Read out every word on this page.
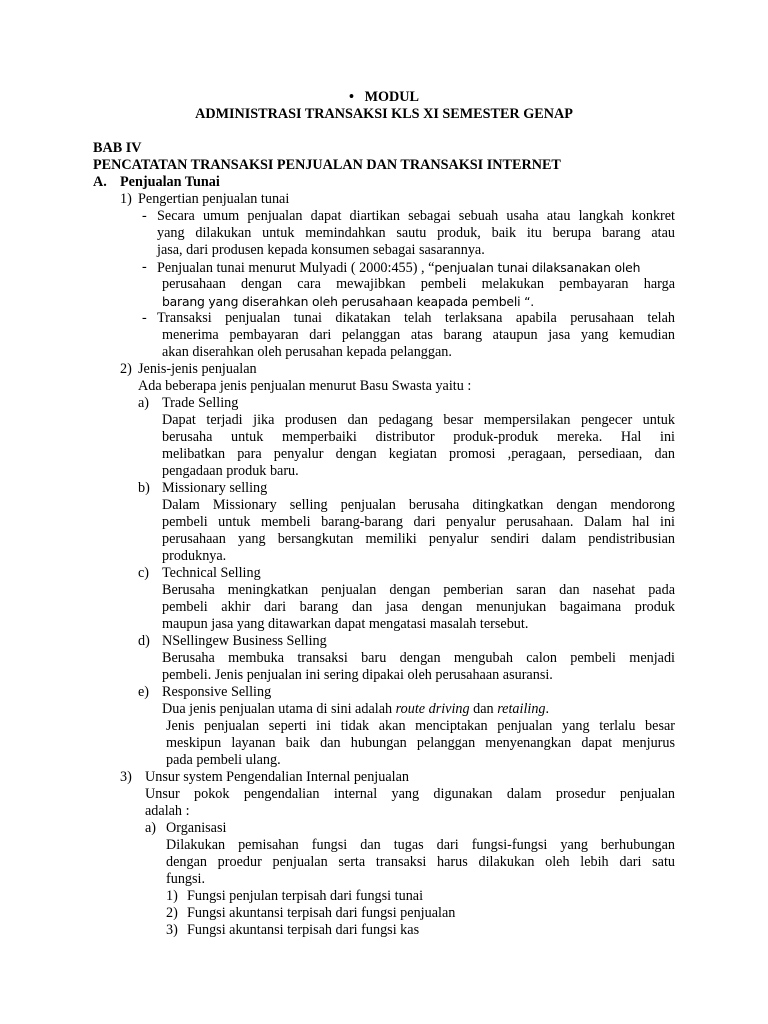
• MODUL
ADMINISTRASI TRANSAKSI KLS XI SEMESTER GENAP
BAB IV
PENCATATAN TRANSAKSI PENJUALAN DAN TRANSAKSI INTERNET
A. Penjualan Tunai
1) Pengertian penjualan tunai
- Secara umum penjualan dapat diartikan sebagai sebuah usaha atau langkah konkret
yang dilakukan untuk memindahkan sautu produk, baik itu berupa barang atau
jasa, dari produsen kepada konsumen sebagai sasarannya.
- Penjualan tunai menurut Mulyadi ( 2000:455) , “penjualan tunai dilaksanakan oleh
perusahaan dengan cara mewajibkan pembeli melakukan pembayaran harga
barang yang diserahkan oleh perusahaan keapada pembeli “.
- Transaksi penjualan tunai dikatakan telah terlaksana apabila perusahaan telah
menerima pembayaran dari pelanggan atas barang ataupun jasa yang kemudian
akan diserahkan oleh perusahan kepada pelanggan.
2) Jenis-jenis penjualan
Ada beberapa jenis penjualan menurut Basu Swasta yaitu :
a) Trade Selling
Dapat terjadi jika produsen dan pedagang besar mempersilakan pengecer untuk
berusaha untuk memperbaiki distributor produk-produk mereka. Hal ini
melibatkan para penyalur dengan kegiatan promosi ,peragaan, persediaan, dan
pengadaan produk baru.
b) Missionary selling
Dalam Missionary selling penjualan berusaha ditingkatkan dengan mendorong
pembeli untuk membeli barang-barang dari penyalur perusahaan. Dalam hal ini
perusahaan yang bersangkutan memiliki penyalur sendiri dalam pendistribusian
produknya.
c) Technical Selling
Berusaha meningkatkan penjualan dengan pemberian saran dan nasehat pada
pembeli akhir dari barang dan jasa dengan menunjukan bagaimana produk
maupun jasa yang ditawarkan dapat mengatasi masalah tersebut.
d) NSellingew Business Selling
Berusaha membuka transaksi baru dengan mengubah calon pembeli menjadi
pembeli. Jenis penjualan ini sering dipakai oleh perusahaan asuransi.
e) Responsive Selling
Dua jenis penjualan utama di sini adalah route driving dan retailing.
Jenis penjualan seperti ini tidak akan menciptakan penjualan yang terlalu besar
meskipun layanan baik dan hubungan pelanggan menyenangkan dapat menjurus
pada pembeli ulang.
3) Unsur system Pengendalian Internal penjualan
Unsur pokok pengendalian internal yang digunakan dalam prosedur penjualan
adalah :
a) Organisasi
Dilakukan pemisahan fungsi dan tugas dari fungsi-fungsi yang berhubungan
dengan proedur penjualan serta transaksi harus dilakukan oleh lebih dari satu
fungsi.
1) Fungsi penjulan terpisah dari fungsi tunai
2) Fungsi akuntansi terpisah dari fungsi penjualan
3) Fungsi akuntansi terpisah dari fungsi kas
